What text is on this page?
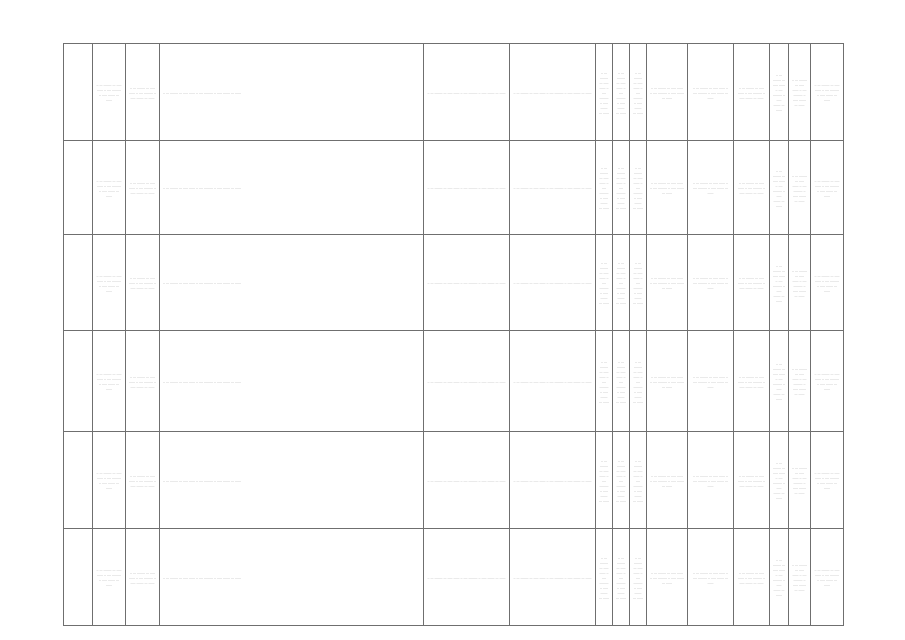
	.. ... ........ ... ..... ...... .. .... ......... .. ..... ....... ... ......	.. ... ........ ... ..... ...... .. .... ......... .. ..... ....... ... ......	.. ... ........ ... ..... ...... .. .... ......... .. ..... ....... ... ......	.. ... ........ ... ..... ...... .. .... ......... .. ..... ....... ... ......	.. ... ........ ... ..... ...... .. .... ......... .. ..... ....... ... ......	.. ... ........ ... ..... ...... .. .... ......... .. ..... ....... ... ......	.. ... ........ ... ..... ...... .. .... ......... .. ..... ....... ... ......	.. ... ........ ... ..... ...... .. .... ......... .. ..... ....... ... ......	.. ... ........ ... ..... ...... .. .... ......... .. ..... ....... ... ......	.. ... ........ ... ..... ...... .. .... ......... .. ..... ....... ... ......	.. ... ........ ... ..... ...... .. .... ......... .. ..... ....... ... ......	.. ... ........ ... ..... ...... .. .... ......... .. ..... ....... ... ......	.. ... ........ ... ..... ...... .. .... ......... .. ..... ....... ... ......	.. ... ........ ... ..... ...... .. .... ......... .. ..... ....... ... ......
	.. ... ........ ... ..... ...... .. .... ......... .. ..... ....... ... ......	.. ... ........ ... ..... ...... .. .... ......... .. ..... ....... ... ......	.. ... ........ ... ..... ...... .. .... ......... .. ..... ....... ... ......	.. ... ........ ... ..... ...... .. .... ......... .. ..... ....... ... ......	.. ... ........ ... ..... ...... .. .... ......... .. ..... ....... ... ......	.. ... ........ ... ..... ...... .. .... ......... .. ..... ....... ... ......	.. ... ........ ... ..... ...... .. .... ......... .. ..... ....... ... ......	.. ... ........ ... ..... ...... .. .... ......... .. ..... ....... ... ......	.. ... ........ ... ..... ...... .. .... ......... .. ..... ....... ... ......	.. ... ........ ... ..... ...... .. .... ......... .. ..... ....... ... ......	.. ... ........ ... ..... ...... .. .... ......... .. ..... ....... ... ......	.. ... ........ ... ..... ...... .. .... ......... .. ..... ....... ... ......	.. ... ........ ... ..... ...... .. .... ......... .. ..... ....... ... ......	.. ... ........ ... ..... ...... .. .... ......... .. ..... ....... ... ......
	.. ... ........ ... ..... ...... .. .... ......... .. ..... ....... ... ......	.. ... ........ ... ..... ...... .. .... ......... .. ..... ....... ... ......	.. ... ........ ... ..... ...... .. .... ......... .. ..... ....... ... ......	.. ... ........ ... ..... ...... .. .... ......... .. ..... ....... ... ......	.. ... ........ ... ..... ...... .. .... ......... .. ..... ....... ... ......	.. ... ........ ... ..... ...... .. .... ......... .. ..... ....... ... ......	.. ... ........ ... ..... ...... .. .... ......... .. ..... ....... ... ......	.. ... ........ ... ..... ...... .. .... ......... .. ..... ....... ... ......	.. ... ........ ... ..... ...... .. .... ......... .. ..... ....... ... ......	.. ... ........ ... ..... ...... .. .... ......... .. ..... ....... ... ......	.. ... ........ ... ..... ...... .. .... ......... .. ..... ....... ... ......	.. ... ........ ... ..... ...... .. .... ......... .. ..... ....... ... ......	.. ... ........ ... ..... ...... .. .... ......... .. ..... ....... ... ......	.. ... ........ ... ..... ...... .. .... ......... .. ..... ....... ... ......
	.. ... ........ ... ..... ...... .. .... ......... .. ..... ....... ... ......	.. ... ........ ... ..... ...... .. .... ......... .. ..... ....... ... ......	.. ... ........ ... ..... ...... .. .... ......... .. ..... ....... ... ......	.. ... ........ ... ..... ...... .. .... ......... .. ..... ....... ... ......	.. ... ........ ... ..... ...... .. .... ......... .. ..... ....... ... ......	.. ... ........ ... ..... ...... .. .... ......... .. ..... ....... ... ......	.. ... ........ ... ..... ...... .. .... ......... .. ..... ....... ... ......	.. ... ........ ... ..... ...... .. .... ......... .. ..... ....... ... ......	.. ... ........ ... ..... ...... .. .... ......... .. ..... ....... ... ......	.. ... ........ ... ..... ...... .. .... ......... .. ..... ....... ... ......	.. ... ........ ... ..... ...... .. .... ......... .. ..... ....... ... ......	.. ... ........ ... ..... ...... .. .... ......... .. ..... ....... ... ......	.. ... ........ ... ..... ...... .. .... ......... .. ..... ....... ... ......	.. ... ........ ... ..... ...... .. .... ......... .. ..... ....... ... ......
	.. ... ........ ... ..... ...... .. .... ......... .. ..... ....... ... ......	.. ... ........ ... ..... ...... .. .... ......... .. ..... ....... ... ......	.. ... ........ ... ..... ...... .. .... ......... .. ..... ....... ... ......	.. ... ........ ... ..... ...... .. .... ......... .. ..... ....... ... ......	.. ... ........ ... ..... ...... .. .... ......... .. ..... ....... ... ......	.. ... ........ ... ..... ...... .. .... ......... .. ..... ....... ... ......	.. ... ........ ... ..... ...... .. .... ......... .. ..... ....... ... ......	.. ... ........ ... ..... ...... .. .... ......... .. ..... ....... ... ......	.. ... ........ ... ..... ...... .. .... ......... .. ..... ....... ... ......	.. ... ........ ... ..... ...... .. .... ......... .. ..... ....... ... ......	.. ... ........ ... ..... ...... .. .... ......... .. ..... ....... ... ......	.. ... ........ ... ..... ...... .. .... ......... .. ..... ....... ... ......	.. ... ........ ... ..... ...... .. .... ......... .. ..... ....... ... ......	.. ... ........ ... ..... ...... .. .... ......... .. ..... ....... ... ......
	.. ... ........ ... ..... ...... .. .... ......... .. ..... ....... ... ......	.. ... ........ ... ..... ...... .. .... ......... .. ..... ....... ... ......	.. ... ........ ... ..... ...... .. .... ......... .. ..... ....... ... ......	.. ... ........ ... ..... ...... .. .... ......... .. ..... ....... ... ......	.. ... ........ ... ..... ...... .. .... ......... .. ..... ....... ... ......	.. ... ........ ... ..... ...... .. .... ......... .. ..... ....... ... ......	.. ... ........ ... ..... ...... .. .... ......... .. ..... ....... ... ......	.. ... ........ ... ..... ...... .. .... ......... .. ..... ....... ... ......	.. ... ........ ... ..... ...... .. .... ......... .. ..... ....... ... ......	.. ... ........ ... ..... ...... .. .... ......... .. ..... ....... ... ......	.. ... ........ ... ..... ...... .. .... ......... .. ..... ....... ... ......	.. ... ........ ... ..... ...... .. .... ......... .. ..... ....... ... ......	.. ... ........ ... ..... ...... .. .... ......... .. ..... ....... ... ......	.. ... ........ ... ..... ...... .. .... ......... .. ..... ....... ... ......
